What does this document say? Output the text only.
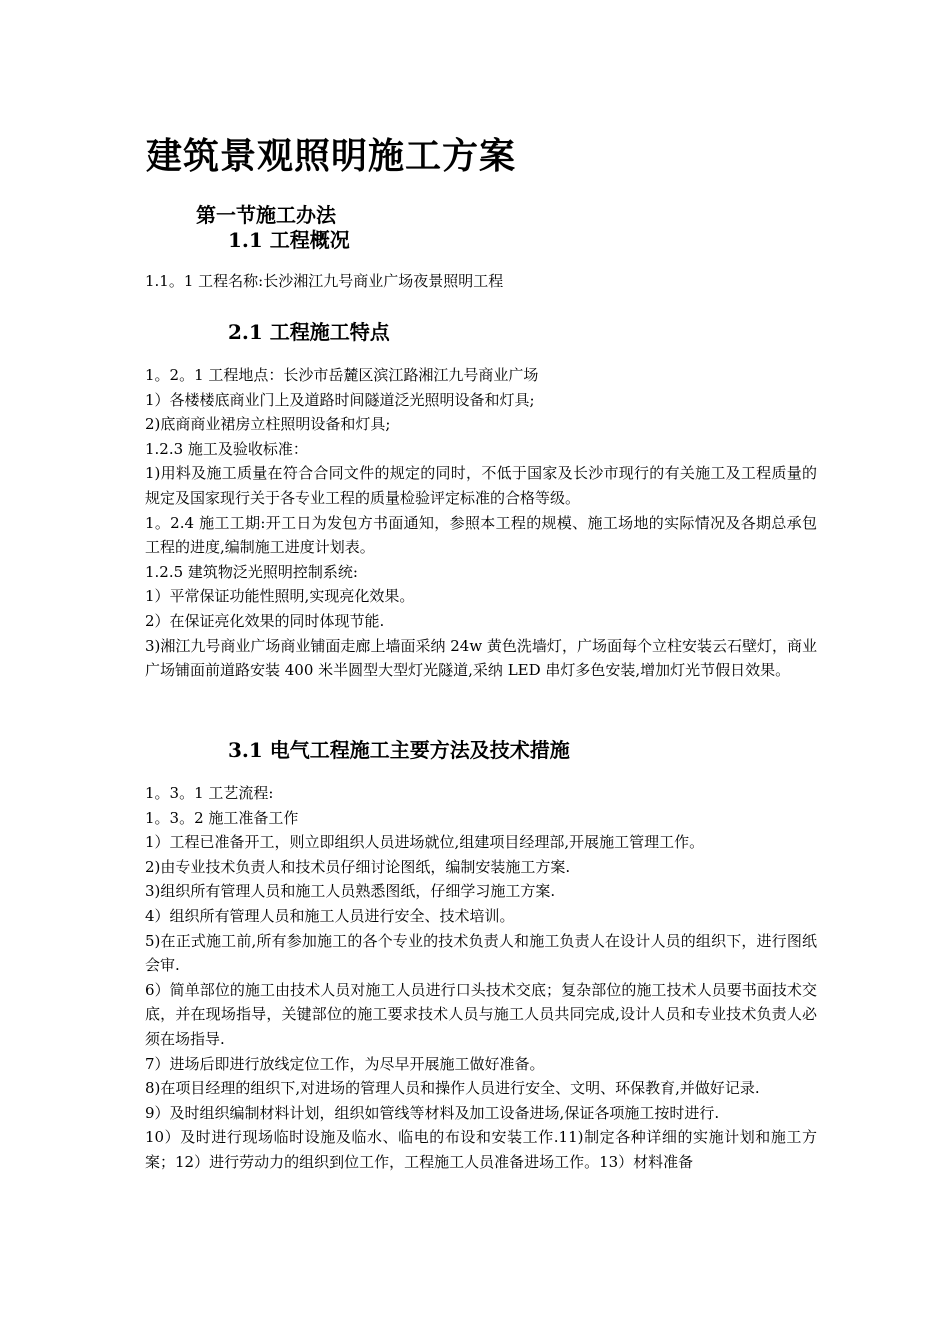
建筑景观照明施工方案
第一节施工办法
1.1 工程概况

1.1。1 工程名称:长沙湘江九号商业广场夜景照明工程

2.1 工程施工特点

1。2。1 工程地点：长沙市岳麓区滨江路湘江九号商业广场

1）各楼楼底商业门上及道路时间隧道泛光照明设备和灯具;

2)底商商业裙房立柱照明设备和灯具;

1.2.3 施工及验收标准：

1)用料及施工质量在符合合同文件的规定的同时，不低于国家及长沙市现行的有关施工及工程质量的规定及国家现行关于各专业工程的质量检验评定标准的合格等级。

1。2.4 施工工期:开工日为发包方书面通知，参照本工程的规模、施工场地的实际情况及各期总承包工程的进度,编制施工进度计划表。

1.2.5 建筑物泛光照明控制系统:

1）平常保证功能性照明,实现亮化效果。

2）在保证亮化效果的同时体现节能.

3)湘江九号商业广场商业铺面走廊上墙面采纳 24w 黄色洗墙灯，广场面每个立柱安装云石壁灯，商业广场铺面前道路安装 400 米半圆型大型灯光隧道,采纳 LED 串灯多色安装,增加灯光节假日效果。

3.1 电气工程施工主要方法及技术措施

1。3。1 工艺流程:

1。3。2 施工准备工作

1）工程已准备开工，则立即组织人员进场就位,组建项目经理部,开展施工管理工作。

2)由专业技术负责人和技术员仔细讨论图纸，编制安装施工方案.

3)组织所有管理人员和施工人员熟悉图纸，仔细学习施工方案.

4）组织所有管理人员和施工人员进行安全、技术培训。

5)在正式施工前,所有参加施工的各个专业的技术负责人和施工负责人在设计人员的组织下，进行图纸会审.

6）简单部位的施工由技术人员对施工人员进行口头技术交底；复杂部位的施工技术人员要书面技术交底，并在现场指导，关键部位的施工要求技术人员与施工人员共同完成,设计人员和专业技术负责人必须在场指导.

7）进场后即进行放线定位工作，为尽早开展施工做好准备。

8)在项目经理的组织下,对进场的管理人员和操作人员进行安全、文明、环保教育,并做好记录.

9）及时组织编制材料计划，组织如管线等材料及加工设备进场,保证各项施工按时进行.

10）及时进行现场临时设施及临水、临电的布设和安装工作.11)制定各种详细的实施计划和施工方案；12）进行劳动力的组织到位工作，工程施工人员准备进场工作。13）材料准备
